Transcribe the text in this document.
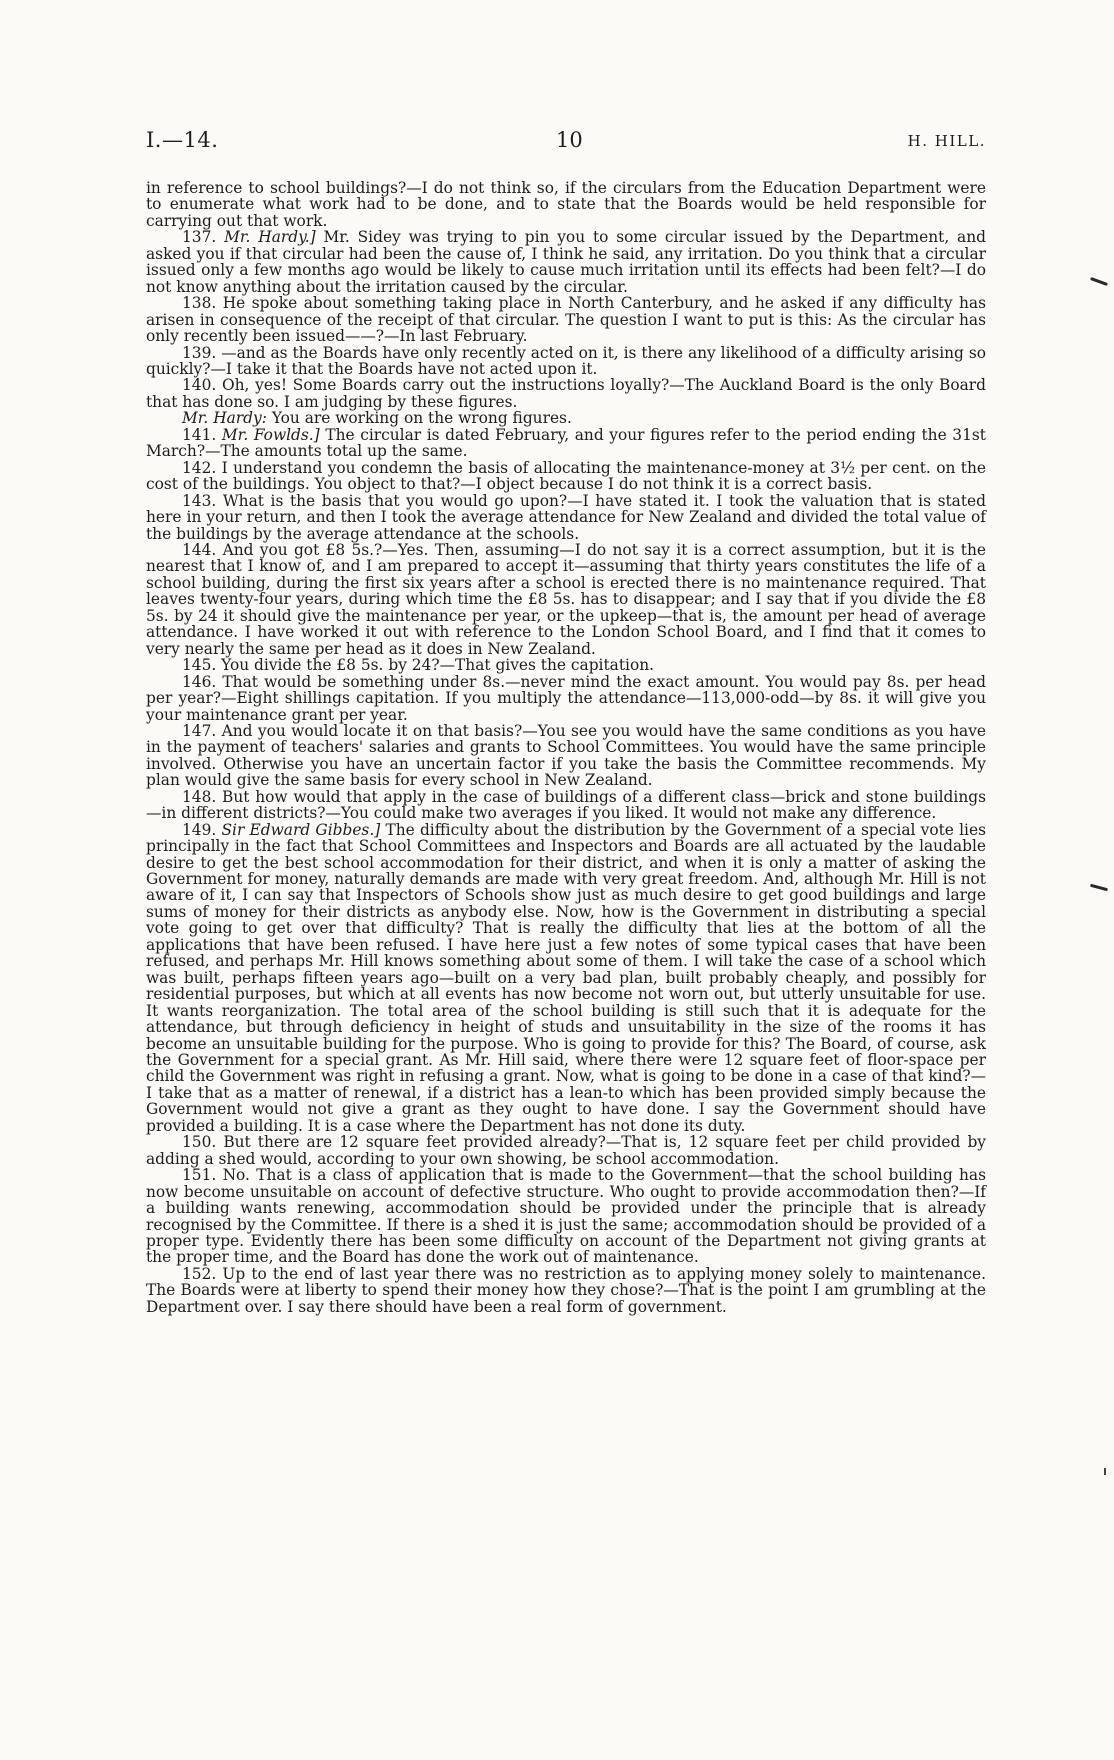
I.—14.	10	H. HILL.

in reference to school buildings?—I do not think so, if the circulars from the Education Department were to enumerate what work had to be done, and to state that the Boards would be held responsible for carrying out that work.

137. Mr. Hardy.] Mr. Sidey was trying to pin you to some circular issued by the Department, and asked you if that circular had been the cause of, I think he said, any irritation. Do you think that a circular issued only a few months ago would be likely to cause much irritation until its effects had been felt?—I do not know anything about the irritation caused by the circular.

138. He spoke about something taking place in North Canterbury, and he asked if any difficulty has arisen in consequence of the receipt of that circular. The question I want to put is this: As the circular has only recently been issued——?—In last February.

139. —and as the Boards have only recently acted on it, is there any likelihood of a difficulty arising so quickly?—I take it that the Boards have not acted upon it.

140. Oh, yes! Some Boards carry out the instructions loyally?—The Auckland Board is the only Board that has done so. I am judging by these figures.

Mr. Hardy: You are working on the wrong figures.

141. Mr. Fowlds.] The circular is dated February, and your figures refer to the period ending the 31st March?—The amounts total up the same.

142. I understand you condemn the basis of allocating the maintenance-money at 3½ per cent. on the cost of the buildings. You object to that?—I object because I do not think it is a correct basis.

143. What is the basis that you would go upon?—I have stated it. I took the valuation that is stated here in your return, and then I took the average attendance for New Zealand and divided the total value of the buildings by the average attendance at the schools.

144. And you got £8 5s.?—Yes. Then, assuming—I do not say it is a correct assumption, but it is the nearest that I know of, and I am prepared to accept it—assuming that thirty years constitutes the life of a school building, during the first six years after a school is erected there is no maintenance required. That leaves twenty-four years, during which time the £8 5s. has to disappear; and I say that if you divide the £8 5s. by 24 it should give the maintenance per year, or the upkeep—that is, the amount per head of average attendance. I have worked it out with reference to the London School Board, and I find that it comes to very nearly the same per head as it does in New Zealand.

145. You divide the £8 5s. by 24?—That gives the capitation.

146. That would be something under 8s.—never mind the exact amount. You would pay 8s. per head per year?—Eight shillings capitation. If you multiply the attendance—113,000-odd—by 8s. it will give you your maintenance grant per year.

147. And you would locate it on that basis?—You see you would have the same conditions as you have in the payment of teachers' salaries and grants to School Committees. You would have the same principle involved. Otherwise you have an uncertain factor if you take the basis the Committee recommends. My plan would give the same basis for every school in New Zealand.

148. But how would that apply in the case of buildings of a different class—brick and stone buildings—in different districts?—You could make two averages if you liked. It would not make any difference.

149. Sir Edward Gibbes.] The difficulty about the distribution by the Government of a special vote lies principally in the fact that School Committees and Inspectors and Boards are all actuated by the laudable desire to get the best school accommodation for their district, and when it is only a matter of asking the Government for money, naturally demands are made with very great freedom. And, although Mr. Hill is not aware of it, I can say that Inspectors of Schools show just as much desire to get good buildings and large sums of money for their districts as anybody else. Now, how is the Government in distributing a special vote going to get over that difficulty? That is really the difficulty that lies at the bottom of all the applications that have been refused. I have here just a few notes of some typical cases that have been refused, and perhaps Mr. Hill knows something about some of them. I will take the case of a school which was built, perhaps fifteen years ago—built on a very bad plan, built probably cheaply, and possibly for residential purposes, but which at all events has now become not worn out, but utterly unsuitable for use. It wants reorganization. The total area of the school building is still such that it is adequate for the attendance, but through deficiency in height of studs and unsuitability in the size of the rooms it has become an unsuitable building for the purpose. Who is going to provide for this? The Board, of course, ask the Government for a special grant. As Mr. Hill said, where there were 12 square feet of floor-space per child the Government was right in refusing a grant. Now, what is going to be done in a case of that kind?—I take that as a matter of renewal, if a district has a lean-to which has been provided simply because the Government would not give a grant as they ought to have done. I say the Government should have provided a building. It is a case where the Department has not done its duty.

150. But there are 12 square feet provided already?—That is, 12 square feet per child provided by adding a shed would, according to your own showing, be school accommodation.

151. No. That is a class of application that is made to the Government—that the school building has now become unsuitable on account of defective structure. Who ought to provide accommodation then?—If a building wants renewing, accommodation should be provided under the principle that is already recognised by the Committee. If there is a shed it is just the same; accommodation should be provided of a proper type. Evidently there has been some difficulty on account of the Department not giving grants at the proper time, and the Board has done the work out of maintenance.

152. Up to the end of last year there was no restriction as to applying money solely to maintenance. The Boards were at liberty to spend their money how they chose?—That is the point I am grumbling at the Department over. I say there should have been a real form of government.
